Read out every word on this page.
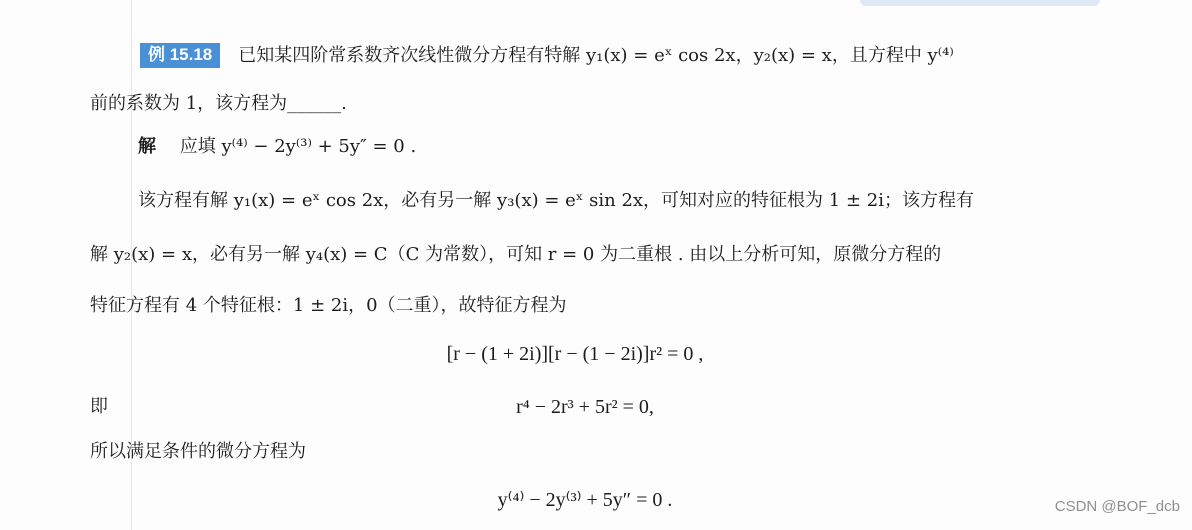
例 15.18 已知某四阶常系数齐次线性微分方程有特解 y₁(x) = eˣ cos 2x，y₂(x) = x，且方程中 y⁽⁴⁾
前的系数为 1，该方程为______.
解 应填 y⁽⁴⁾ − 2y⁽³⁾ + 5y″ = 0 .
该方程有解 y₁(x) = eˣ cos 2x，必有另一解 y₃(x) = eˣ sin 2x，可知对应的特征根为 1 ± 2i；该方程有
解 y₂(x) = x，必有另一解 y₄(x) = C（C 为常数），可知 r = 0 为二重根 . 由以上分析可知，原微分方程的
特征方程有 4 个特征根：1 ± 2i，0（二重），故特征方程为
[r − (1 + 2i)][r − (1 − 2i)]r² = 0 ,
即	r⁴ − 2r³ + 5r² = 0,
所以满足条件的微分方程为
y⁽⁴⁾ − 2y⁽³⁾ + 5y″ = 0 .	CSDN @BOF_dcb
